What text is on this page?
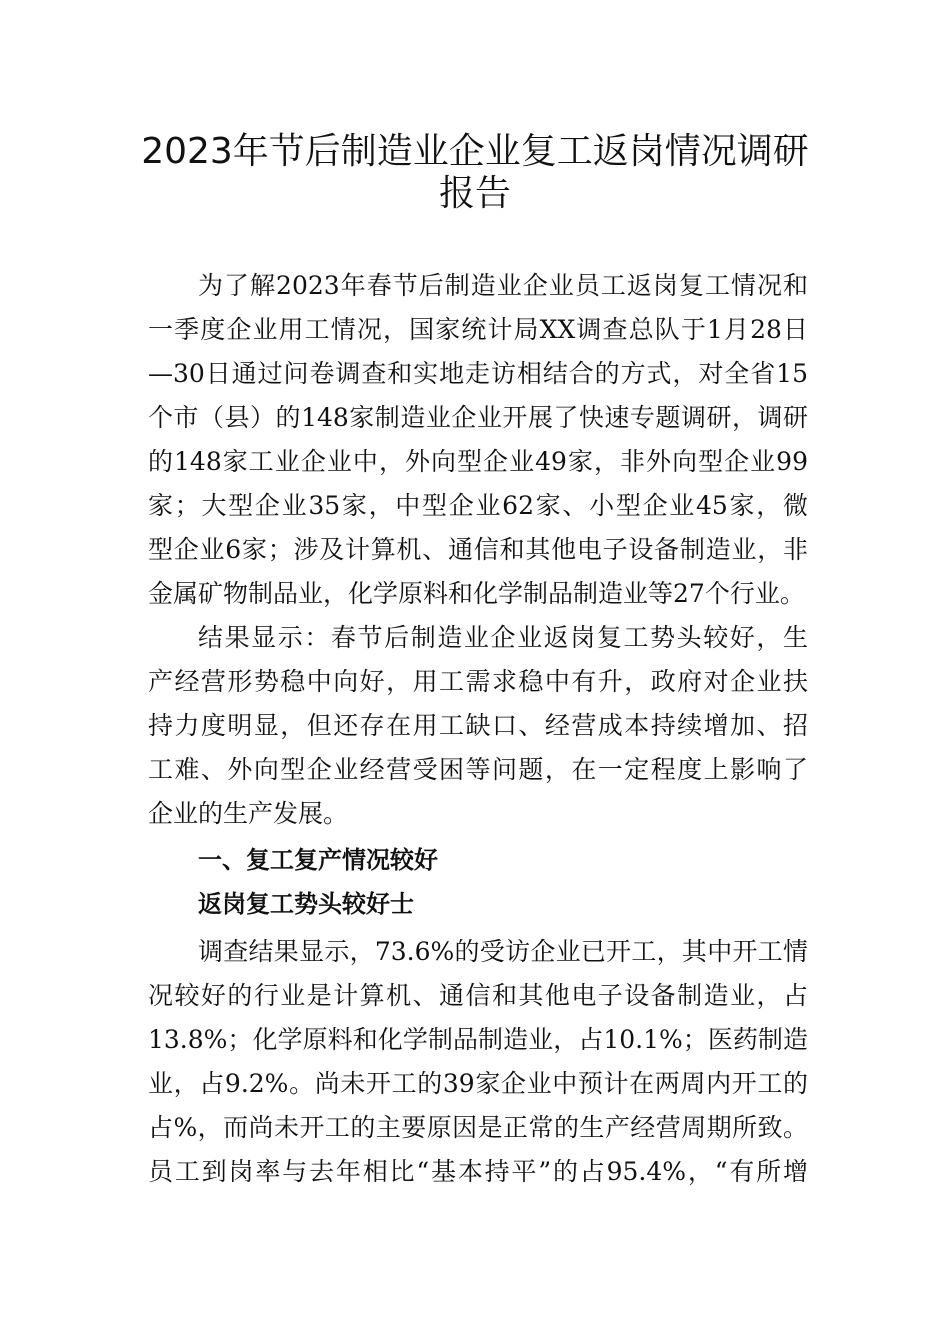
2023年节后制造业企业复工返岗情况调研
报告

为了解2023年春节后制造业企业员工返岗复工情况和

一季度企业用工情况，国家统计局XX调查总队于1月28日

—30日通过问卷调查和实地走访相结合的方式，对全省15

个市（县）的148家制造业企业开展了快速专题调研，调研

的148家工业企业中，外向型企业49家，非外向型企业99

家；大型企业35家，中型企业62家、小型企业45家，微

型企业6家；涉及计算机、通信和其他电子设备制造业，非

金属矿物制品业，化学原料和化学制品制造业等27个行业。

结果显示：春节后制造业企业返岗复工势头较好，生

产经营形势稳中向好，用工需求稳中有升，政府对企业扶

持力度明显，但还存在用工缺口、经营成本持续增加、招

工难、外向型企业经营受困等问题，在一定程度上影响了

企业的生产发展。

一、复工复产情况较好
返岗复工势头较好士

调查结果显示，73.6%的受访企业已开工，其中开工情

况较好的行业是计算机、通信和其他电子设备制造业，占

13.8%；化学原料和化学制品制造业，占10.1%；医药制造

业，占9.2%。尚未开工的39家企业中预计在两周内开工的

占%，而尚未开工的主要原因是正常的生产经营周期所致。

员工到岗率与去年相比“基本持平”的占95.4%，“有所增
